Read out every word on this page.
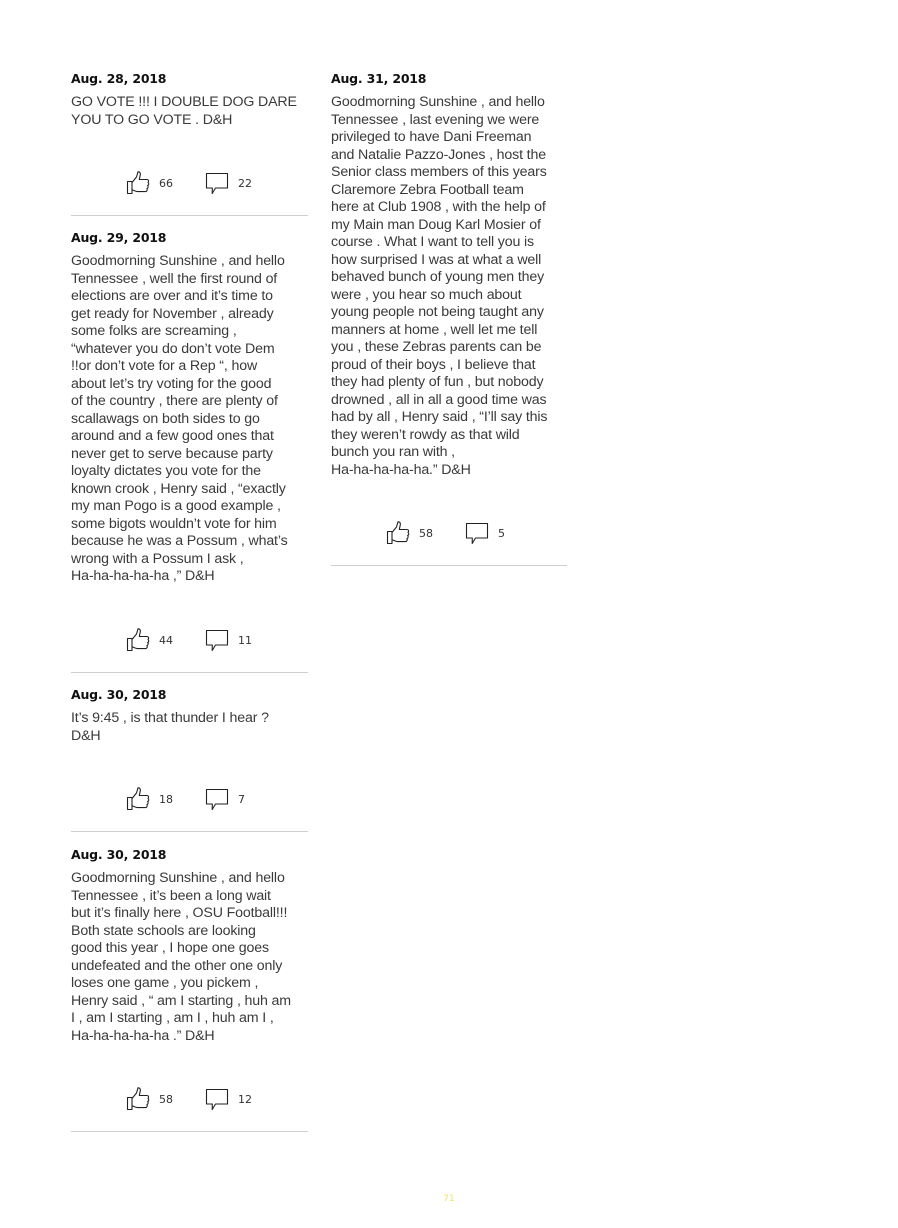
Aug. 28, 2018

GO VOTE !!! I DOUBLE DOG DARE
YOU TO GO VOTE . D&H

66	22

Aug. 29, 2018

Goodmorning Sunshine , and hello
Tennessee , well the first round of
elections are over and it’s time to
get ready for November , already
some folks are screaming ,
“whatever you do don’t vote Dem
!!or don’t vote for a Rep “, how
about let’s try voting for the good
of the country , there are plenty of
scallawags on both sides to go
around and a few good ones that
never get to serve because party
loyalty dictates you vote for the
known crook , Henry said , “exactly
my man Pogo is a good example ,
some bigots wouldn’t vote for him
because he was a Possum , what’s
wrong with a Possum I ask ,
Ha-ha-ha-ha-ha ,” D&H

44	11

Aug. 30, 2018

It’s 9:45 , is that thunder I hear ?
D&H

18	7

Aug. 30, 2018

Goodmorning Sunshine , and hello
Tennessee , it’s been a long wait
but it’s finally here , OSU Football!!!
Both state schools are looking
good this year , I hope one goes
undefeated and the other one only
loses one game , you pickem ,
Henry said , “ am I starting , huh am
I , am I starting , am I , huh am I ,
Ha-ha-ha-ha-ha .” D&H

58	12

Aug. 31, 2018

Goodmorning Sunshine , and hello
Tennessee , last evening we were
privileged to have Dani Freeman
and Natalie Pazzo-Jones , host the
Senior class members of this years
Claremore Zebra Football team
here at Club 1908 , with the help of
my Main man Doug Karl Mosier of
course . What I want to tell you is
how surprised I was at what a well
behaved bunch of young men they
were , you hear so much about
young people not being taught any
manners at home , well let me tell
you , these Zebras parents can be
proud of their boys , I believe that
they had plenty of fun , but nobody
drowned , all in all a good time was
had by all , Henry said , “I’ll say this
they weren’t rowdy as that wild
bunch you ran with ,
Ha-ha-ha-ha-ha.” D&H

58	5
71
